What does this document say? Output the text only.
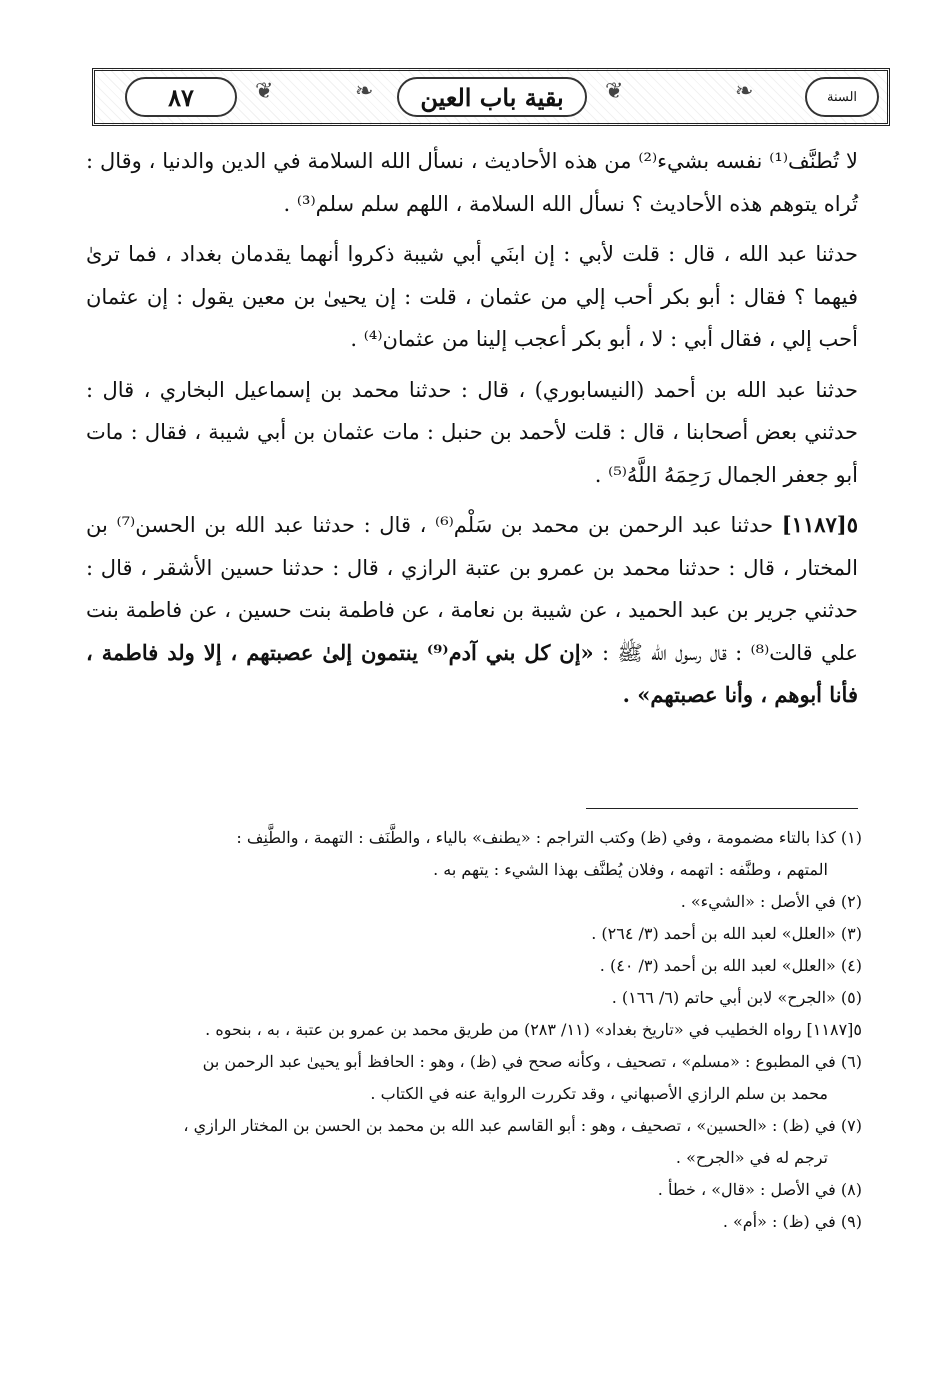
٨٧	❦	❧ بقية باب العين ❦	❧	السنة

لا تُطنَّف⁽¹⁾ نفسه بشيء⁽²⁾ من هذه الأحاديث ، نسأل الله السلامة في الدين والدنيا ، وقال : تُراه يتوهم هذه الأحاديث ؟ نسأل الله السلامة ، اللهم سلم سلم⁽³⁾ .

حدثنا عبد الله ، قال : قلت لأبي : إن ابنَي أبي شيبة ذكروا أنهما يقدمان بغداد ، فما ترىٰ فيهما ؟ فقال : أبو بكر أحب إلي من عثمان ، قلت : إن يحيىٰ بن معين يقول : إن عثمان أحب إلي ، فقال أبي : لا ، أبو بكر أعجب إلينا من عثمان⁽⁴⁾ .

حدثنا عبد الله بن أحمد (النيسابوري) ، قال : حدثنا محمد بن إسماعيل البخاري ، قال : حدثني بعض أصحابنا ، قال : قلت لأحمد بن حنبل : مات عثمان بن أبي شيبة ، فقال : مات أبو جعفر الجمال رَحِمَهُ اللَّهُ⁽⁵⁾ .

٥[١١٨٧] حدثنا عبد الرحمن بن محمد بن سَلْم⁽⁶⁾ ، قال : حدثنا عبد الله بن الحسن⁽⁷⁾ بن المختار ، قال : حدثنا محمد بن عمرو بن عتبة الرازي ، قال : حدثنا حسين الأشقر ، قال : حدثني جرير بن عبد الحميد ، عن شيبة بن نعامة ، عن فاطمة بنت حسين ، عن فاطمة بنت علي قالت⁽⁸⁾ : قال رسول الله ﷺ : «إن كل بني آدم⁽⁹⁾ ينتمون إلىٰ عصبتهم ، إلا ولد فاطمة ، فأنا أبوهم ، وأنا عصبتهم» .

(١) كذا بالتاء مضمومة ، وفي (ظ) وكتب التراجم : «يطنف» بالياء ، والطَّنَف : التهمة ، والطَّنِف :

المتهم ، وطنَّفه : اتهمه ، وفلان يُطنَّف بهذا الشيء : يتهم به .

(٢) في الأصل : «الشيء» .

(٣) «العلل» لعبد الله بن أحمد (٣/ ٢٦٤) .

(٤) «العلل» لعبد الله بن أحمد (٣/ ٤٠) .

(٥) «الجرح» لابن أبي حاتم (٦/ ١٦٦) .

٥[١١٨٧] رواه الخطيب في «تاريخ بغداد» (١١/ ٢٨٣) من طريق محمد بن عمرو بن عتبة ، به ، بنحوه .

(٦) في المطبوع : «مسلم» ، تصحيف ، وكأنه صحح في (ظ) ، وهو : الحافظ أبو يحيىٰ عبد الرحمن بن

محمد بن سلم الرازي الأصبهاني ، وقد تكررت الرواية عنه في الكتاب .

(٧) في (ظ) : «الحسين» ، تصحيف ، وهو : أبو القاسم عبد الله بن محمد بن الحسن بن المختار الرازي ،

ترجم له في «الجرح» .

(٨) في الأصل : «قال» ، خطأ .

(٩) في (ظ) : «أم» .
